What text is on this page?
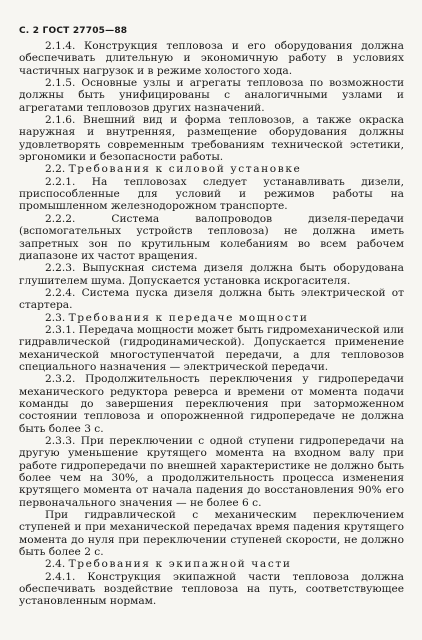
С. 2 ГОСТ 27705—88

2.1.4. Конструкция тепловоза и его оборудования должна обеспечивать длительную и экономичную работу в условиях частичных нагрузок и в режиме холостого хода.

2.1.5. Основные узлы и агрегаты тепловоза по возможности должны быть унифицированы с аналогичными узлами и агрегатами тепловозов других назначений.

2.1.6. Внешний вид и форма тепловозов, а также окраска наружная и внутренняя, размещение оборудования должны удовлетворять современным требованиям технической эстетики, эргономики и безопасности работы.

2.2. Требования к силовой установке

2.2.1. На тепловозах следует устанавливать дизели, приспособленные для условий и режимов работы на промышленном железнодорожном транспорте.

2.2.2. Система валопроводов дизеля-передачи (вспомогательных устройств тепловоза) не должна иметь запретных зон по крутильным колебаниям во всем рабочем диапазоне их частот вращения.

2.2.3. Выпускная система дизеля должна быть оборудована глушителем шума. Допускается установка искрогасителя.

2.2.4. Система пуска дизеля должна быть электрической от стартера.

2.3. Требования к передаче мощности

2.3.1. Передача мощности может быть гидромеханической или гидравлической (гидродинамической). Допускается применение механической многоступенчатой передачи, а для тепловозов специального назначения — электрической передачи.

2.3.2. Продолжительность переключения у гидропередачи механического редуктора реверса и времени от момента подачи команды до завершения переключения при заторможенном состоянии тепловоза и опорожненной гидропередаче не должна быть более 3 с.

2.3.3. При переключении с одной ступени гидропередачи на другую уменьшение крутящего момента на входном валу при работе гидропередачи по внешней характеристике не должно быть более чем на 30%, а продолжительность процесса изменения крутящего момента от начала падения до восстановления 90% его первоначального значения — не более 6 с.

При гидравлической с механическим переключением ступеней и при механической передачах время падения крутящего момента до нуля при переключении ступеней скорости, не должно быть более 2 с.

2.4. Требования к экипажной части

2.4.1. Конструкция экипажной части тепловоза должна обеспечивать воздействие тепловоза на путь, соответствующее установленным нормам.
